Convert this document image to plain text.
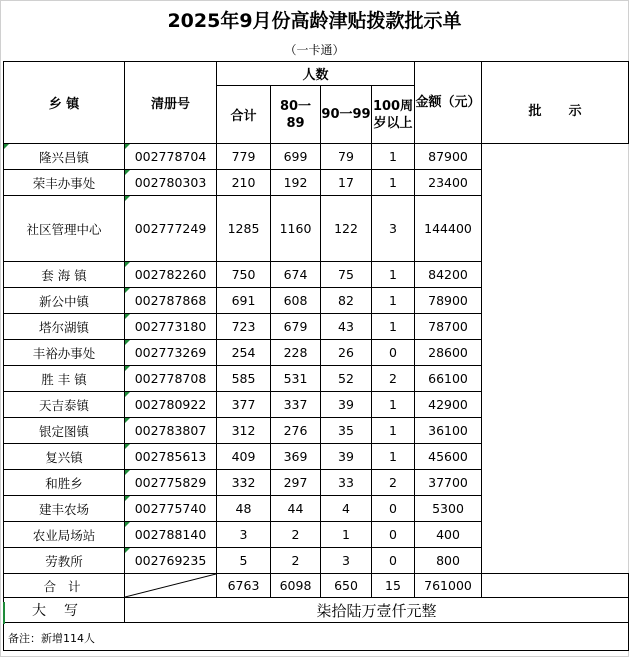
2025年9月份高龄津贴拨款批示单
（一卡通）
乡 镇	清册号	人数				金额（元）	批      示
		合计	80一89	90一99	100周岁以上		

隆兴昌镇	002778704	779	699	79	1	87900	
荣丰办事处	002780303	210	192	17	1	23400	
社区管理中心	002777249	1285	1160	122	3	144400	
套 海 镇	002782260	750	674	75	1	84200	
新公中镇	002787868	691	608	82	1	78900	
塔尔湖镇	002773180	723	679	43	1	78700	
丰裕办事处	002773269	254	228	26	0	28600	
胜 丰 镇	002778708	585	531	52	2	66100	
天吉泰镇	002780922	377	337	39	1	42900	
银定图镇	002783807	312	276	35	1	36100	
复兴镇	002785613	409	369	39	1	45600	
和胜乡	002775829	332	297	33	2	37700	
建丰农场	002775740	48	44	4	0	5300	
农业局场站	002788140	3	2	1	0	400	
劳教所	002769235	5	2	3	0	800	
合 计		6763	6098	650	15	761000	
大写	柒拾陆万壹仟元整						

备注：新增114人
